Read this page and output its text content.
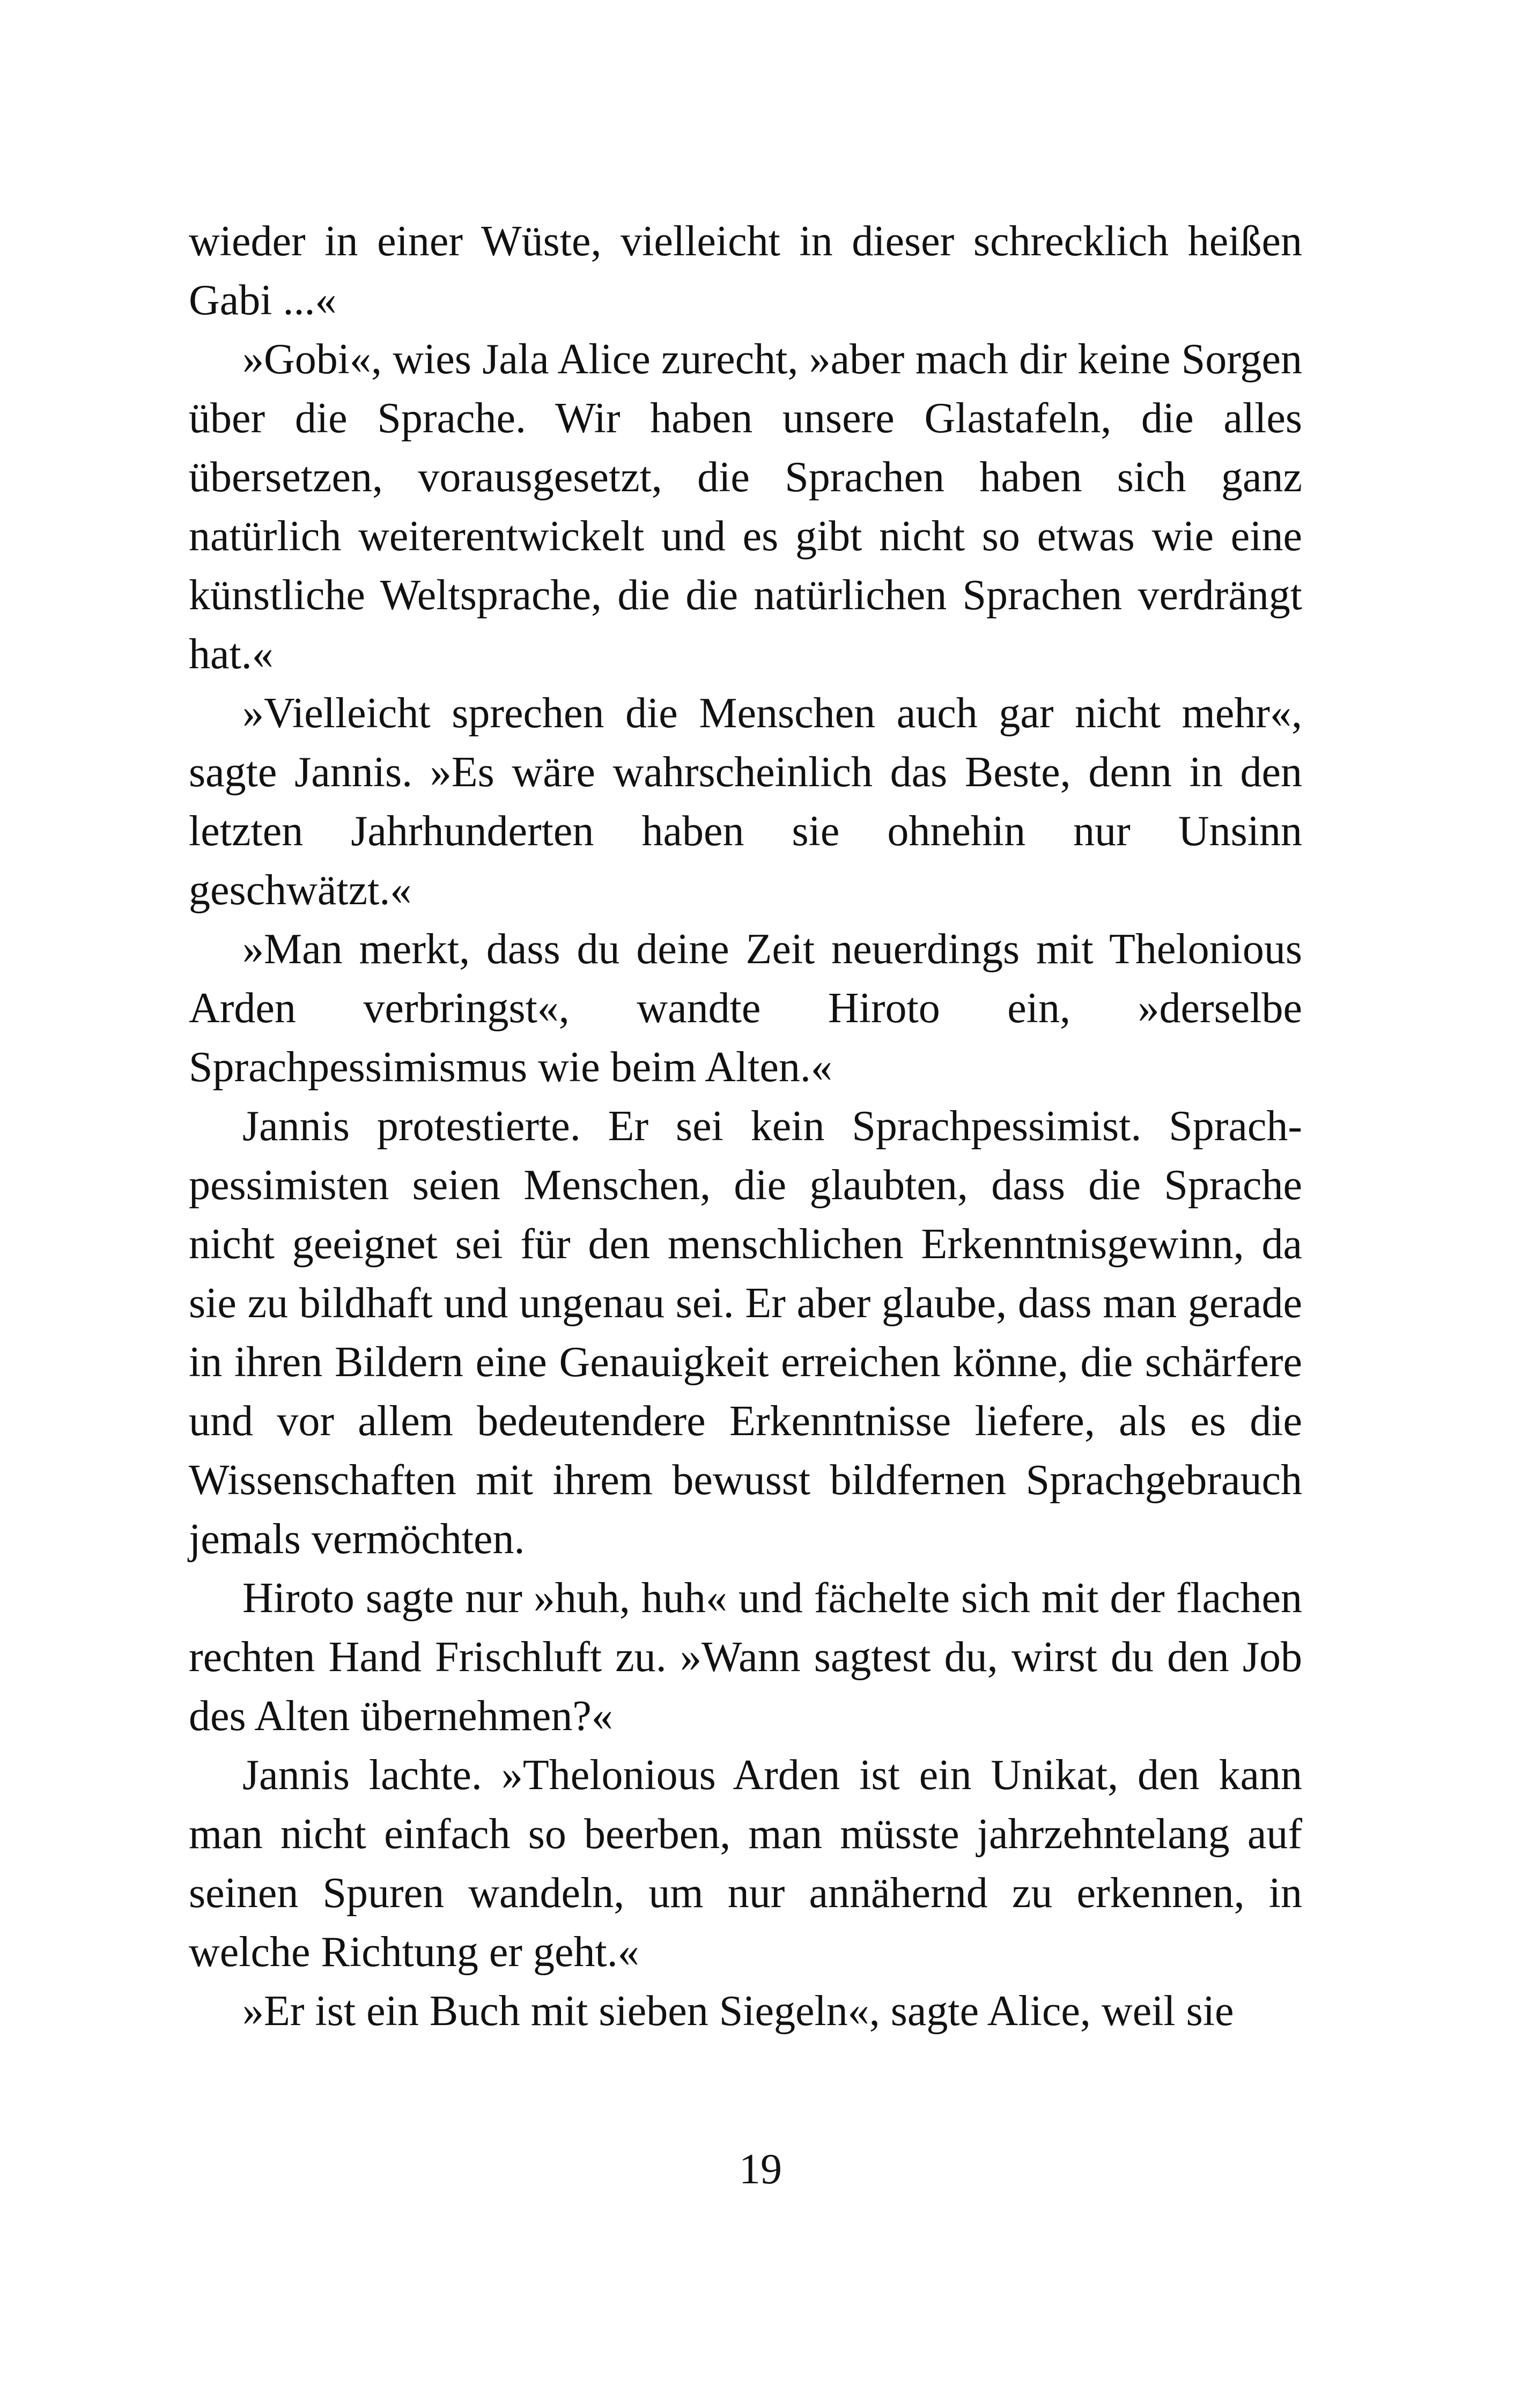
wieder in einer Wüste, vielleicht in dieser schrecklich heißen Gabi ...«

»Gobi«, wies Jala Alice zurecht, »aber mach dir keine Sorgen über die Sprache. Wir haben unsere Glastafeln, die alles übersetzen, vorausgesetzt, die Sprachen haben sich ganz natürlich weiterentwickelt und es gibt nicht so etwas wie eine künstliche Weltsprache, die die natürlichen Sprachen verdrängt hat.«

»Vielleicht sprechen die Menschen auch gar nicht mehr«, sagte Jannis. »Es wäre wahrscheinlich das Beste, denn in den letzten Jahrhunderten haben sie ohnehin nur Unsinn geschwätzt.«

»Man merkt, dass du deine Zeit neuerdings mit Thelonious Arden verbringst«, wandte Hiroto ein, »derselbe Sprachpessimismus wie beim Alten.«

Jannis protestierte. Er sei kein Sprachpessimist. Sprachpessimisten seien Menschen, die glaubten, dass die Sprache nicht geeignet sei für den menschlichen Erkenntnisgewinn, da sie zu bildhaft und ungenau sei. Er aber glaube, dass man gerade in ihren Bildern eine Genauigkeit erreichen könne, die schärfere und vor allem bedeutendere Erkenntnisse liefere, als es die Wissenschaften mit ihrem bewusst bildfernen Sprachgebrauch jemals vermöchten.

Hiroto sagte nur »huh, huh« und fächelte sich mit der flachen rechten Hand Frischluft zu. »Wann sagtest du, wirst du den Job des Alten übernehmen?«

Jannis lachte. »Thelonious Arden ist ein Unikat, den kann man nicht einfach so beerben, man müsste jahrzehntelang auf seinen Spuren wandeln, um nur annähernd zu erkennen, in welche Richtung er geht.«

»Er ist ein Buch mit sieben Siegeln«, sagte Alice, weil sie

19
